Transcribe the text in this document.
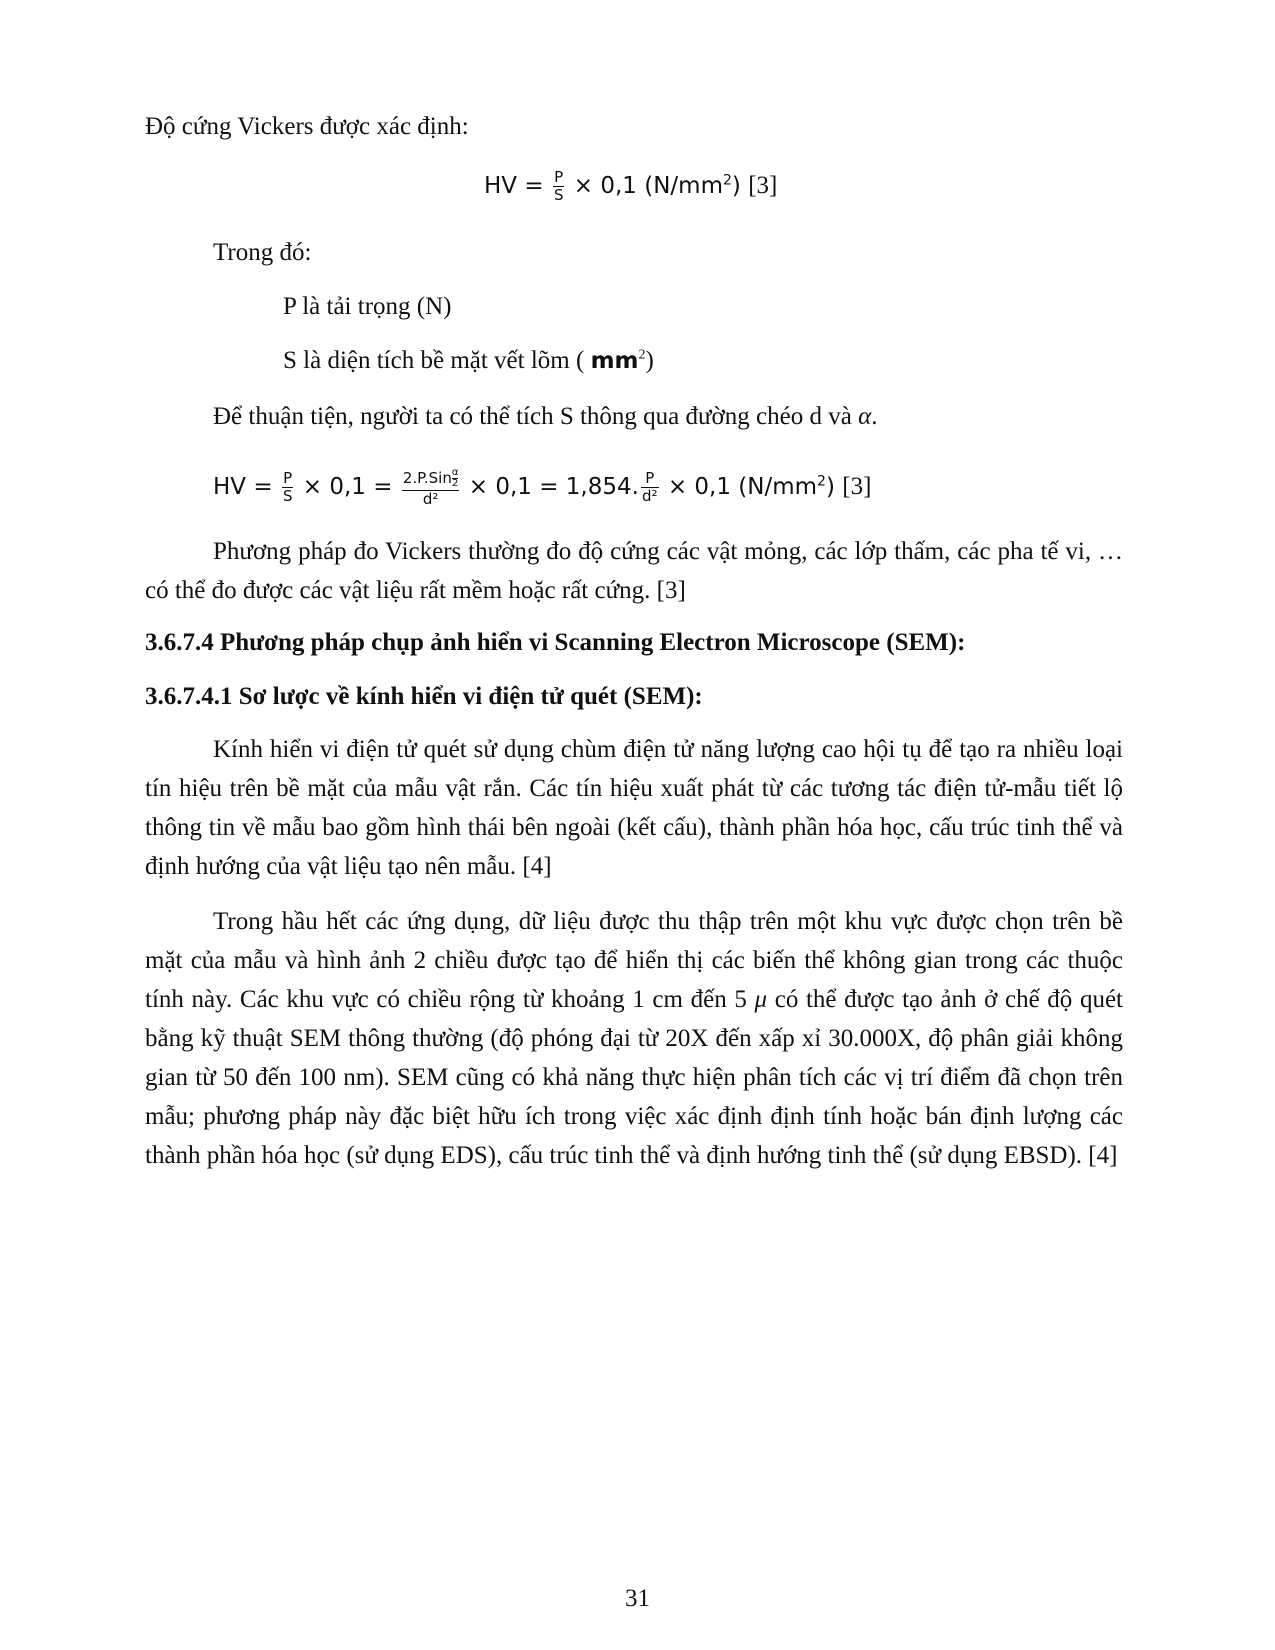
Độ cứng Vickers được xác định:
HV = $\frac{P}{S} \times 0,1$ $(N/mm^2)$ [3]
Trong đó:
P là tải trọng (N)
S là diện tích bề mặt vết lõm ( $mm^2$)
Để thuận tiện, người ta có thể tích S thông qua đường chéo d và α.
HV = $\frac{P}{S} \times 0,1 = \frac{2.P.Sin \frac{\alpha}{2}}{\text{d²}} \times 0,1 = 1,854$. $\frac{P}{\text{d²}} \times 0,1$ $(N/mm^2)$ [3]

Phương pháp đo Vickers thường đo độ cứng các vật mỏng, các lớp thấm, các pha tế vi, … có thể đo được các vật liệu rất mềm hoặc rất cứng. [3]

3.6.7.4 Phương pháp chụp ảnh hiển vi Scanning Electron Microscope (SEM):
3.6.7.4.1 Sơ lược về kính hiển vi điện tử quét (SEM):

Kính hiển vi điện tử quét sử dụng chùm điện tử năng lượng cao hội tụ để tạo ra nhiều loại tín hiệu trên bề mặt của mẫu vật rắn. Các tín hiệu xuất phát từ các tương tác điện tử-mẫu tiết lộ thông tin về mẫu bao gồm hình thái bên ngoài (kết cấu), thành phần hóa học, cấu trúc tinh thể và định hướng của vật liệu tạo nên mẫu. [4]

Trong hầu hết các ứng dụng, dữ liệu được thu thập trên một khu vực được chọn trên bề mặt của mẫu và hình ảnh 2 chiều được tạo để hiển thị các biến thể không gian trong các thuộc tính này. Các khu vực có chiều rộng từ khoảng 1 cm đến 5 μ có thể được tạo ảnh ở chế độ quét bằng kỹ thuật SEM thông thường (độ phóng đại từ 20X đến xấp xỉ 30.000X, độ phân giải không gian từ 50 đến 100 nm). SEM cũng có khả năng thực hiện phân tích các vị trí điểm đã chọn trên mẫu; phương pháp này đặc biệt hữu ích trong việc xác định định tính hoặc bán định lượng các thành phần hóa học (sử dụng EDS), cấu trúc tinh thể và định hướng tinh thể (sử dụng EBSD). [4]

31
